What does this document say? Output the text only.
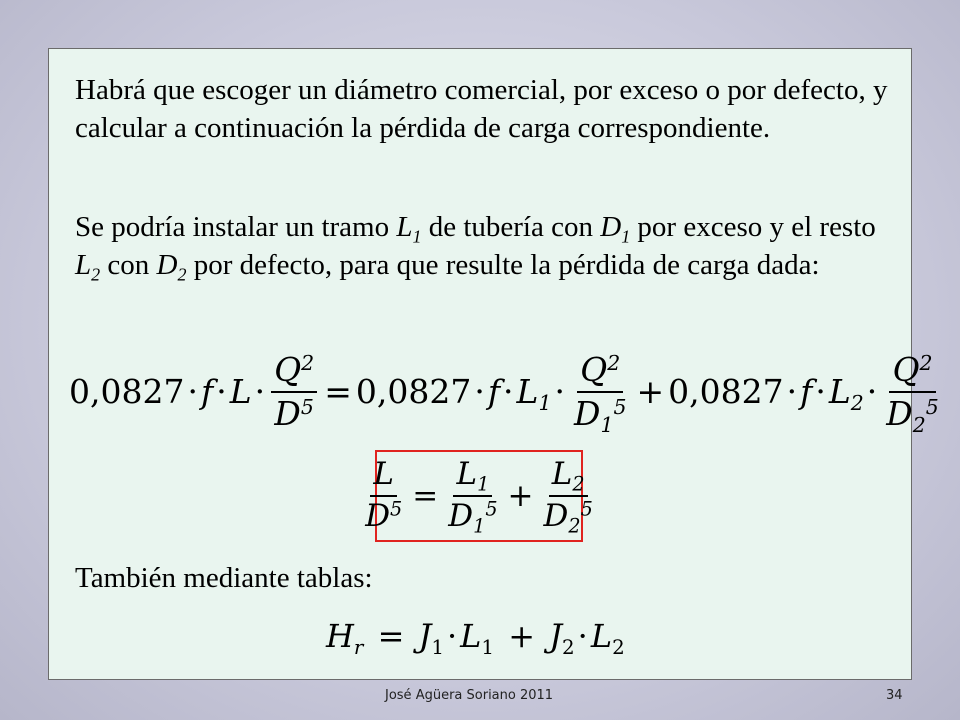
Habrá que escoger un diámetro comercial, por exceso o por defecto, y calcular a continuación la pérdida de carga correspondiente.

Se podría instalar un tramo $L_1$ de tubería con $D_1$ por exceso y el resto $L_2$ con $D_2$ por defecto, para que resulte la pérdida de carga dada:

$0,0827 \cdot f \cdot L \cdot \frac{Q^2}{D^5} = 0,0827 \cdot f \cdot L_1 \cdot \frac{Q^2}{D_1^5} + 0,0827 \cdot f \cdot L_2 \cdot \frac{Q^2}{D_2^5}$
$\frac{L}{D^5} = \frac{L_1}{D_1^5} + \frac{L_2}{D_2^5}$

También mediante tablas:

$H_r = J_1\cdot L_1 + J_2\cdot L_2$
José Agüera Soriano 2011	34
